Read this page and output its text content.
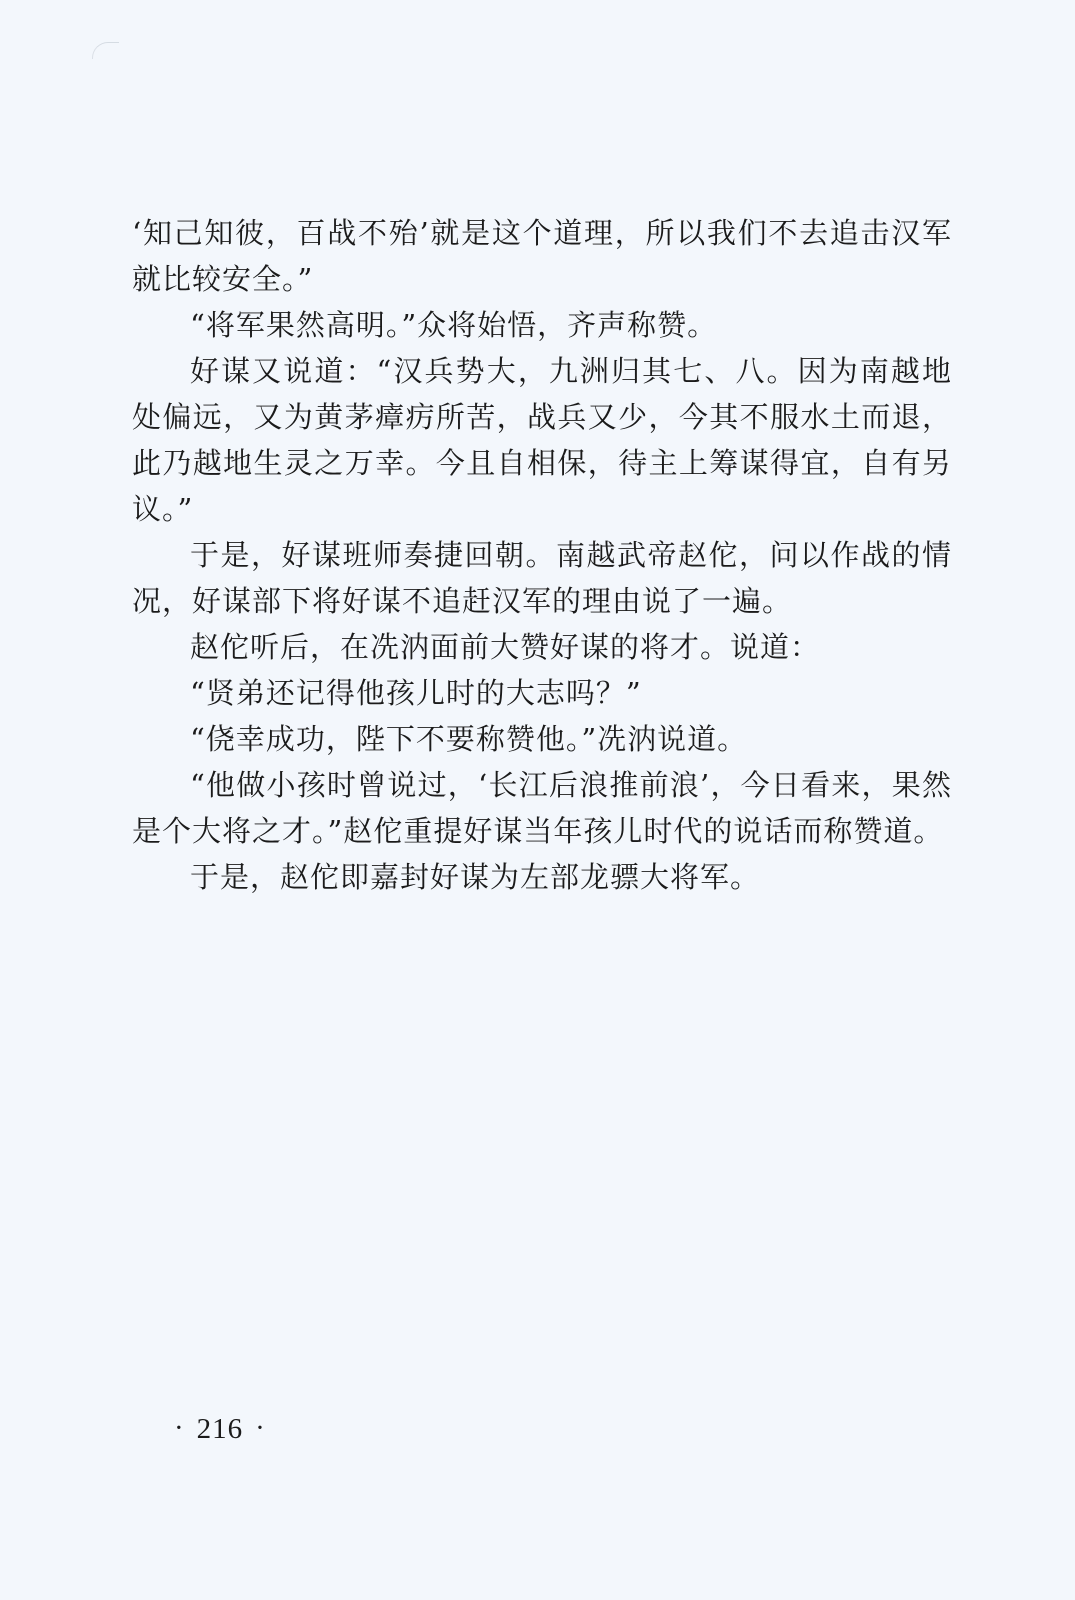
‘知己知彼，百战不殆’就是这个道理，所以我们不去追击汉军就比较安全。”

“将军果然高明。”众将始悟，齐声称赞。

好谋又说道：“汉兵势大，九洲归其七、八。因为南越地处偏远，又为黄茅瘴疠所苦，战兵又少，今其不服水土而退，此乃越地生灵之万幸。今且自相保，待主上筹谋得宜，自有另议。”

于是，好谋班师奏捷回朝。南越武帝赵佗，问以作战的情况，好谋部下将好谋不追赶汉军的理由说了一遍。

赵佗听后，在冼汭面前大赞好谋的将才。说道：

“贤弟还记得他孩儿时的大志吗？”

“侥幸成功，陛下不要称赞他。”冼汭说道。

“他做小孩时曾说过，‘长江后浪推前浪’，今日看来，果然是个大将之才。”赵佗重提好谋当年孩儿时代的说话而称赞道。

于是，赵佗即嘉封好谋为左部龙骠大将军。

· 216 ·
